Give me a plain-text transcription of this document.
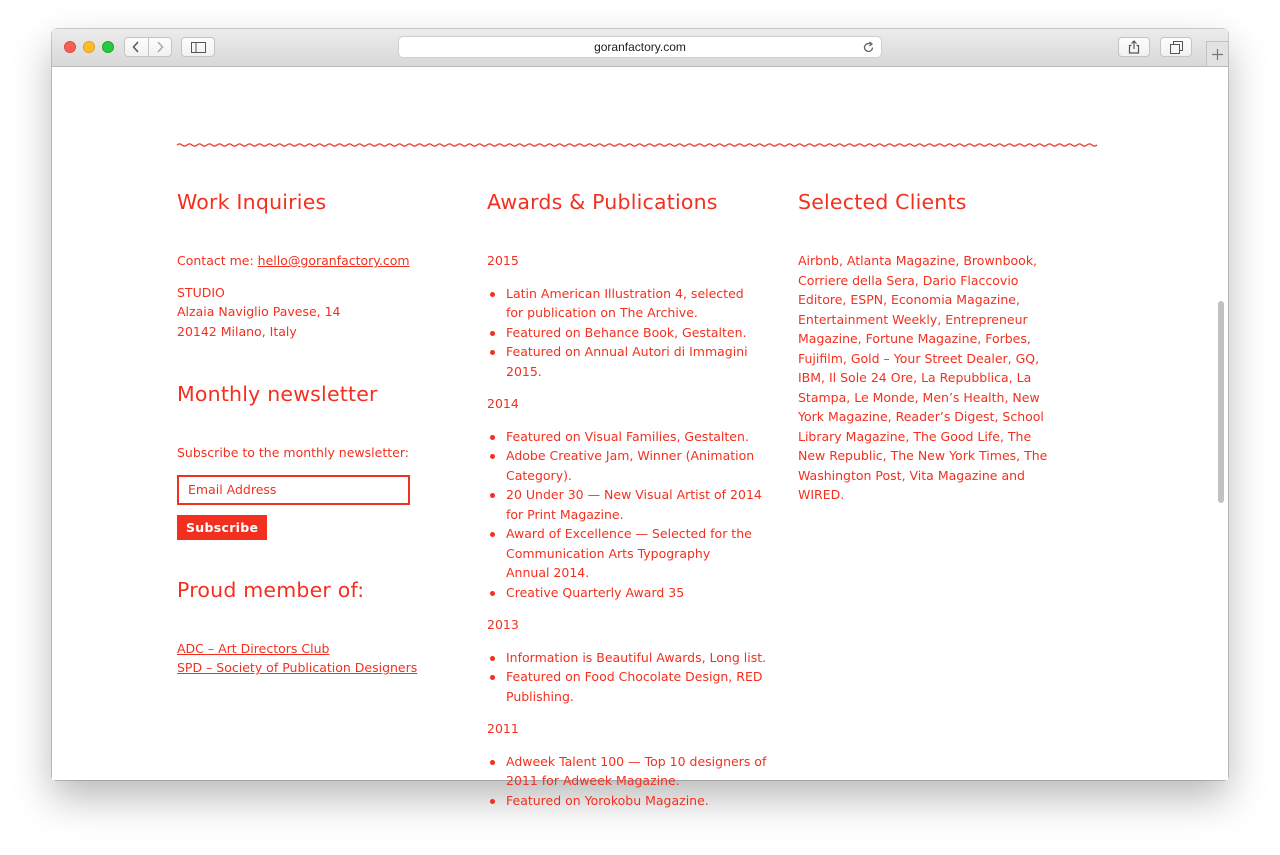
goranfactory.com
Work Inquiries

Contact me: hello@goranfactory.com

STUDIO

Alzaia Naviglio Pavese, 14

20142 Milano, Italy

Monthly newsletter
Subscribe to the monthly newsletter:
Email Address
Subscribe
Proud member of:

ADC – Art Directors Club

SPD – Society of Publication Designers

Awards & Publications

2015

Latin American Illustration 4, selected for publication on The Archive.
Featured on Behance Book, Gestalten.
Featured on Annual Autori di Immagini 2015.

2014

Featured on Visual Families, Gestalten.
Adobe Creative Jam, Winner (Animation Category).
20 Under 30 — New Visual Artist of 2014 for Print Magazine.
Award of Excellence — Selected for the Communication Arts Typography Annual 2014.
Creative Quarterly Award 35

2013

Information is Beautiful Awards, Long list.
Featured on Food Chocolate Design, RED Publishing.

2011

Adweek Talent 100 — Top 10 designers of 2011 for Adweek Magazine.
Featured on Yorokobu Magazine.
Selected Clients
Airbnb, Atlanta Magazine, Brownbook, Corriere della Sera, Dario Flaccovio Editore, ESPN, Economia Magazine, Entertainment Weekly, Entrepreneur Magazine, Fortune Magazine, Forbes, Fujifilm, Gold – Your Street Dealer, GQ, IBM, Il Sole 24 Ore, La Repubblica, La Stampa, Le Monde, Men’s Health, New York Magazine, Reader’s Digest, School Library Magazine, The Good Life, The New Republic, The New York Times, The Washington Post, Vita Magazine and WIRED.
